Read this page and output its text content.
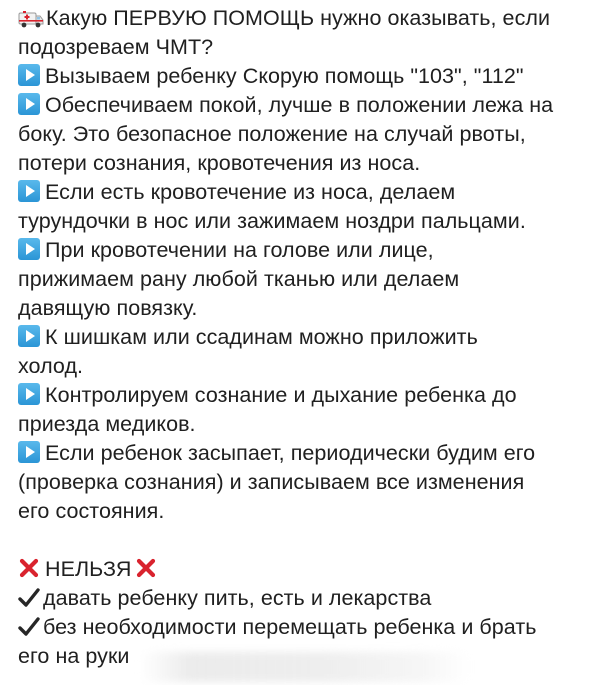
Какую ПЕРВУЮ ПОМОЩЬ нужно оказывать, если
подозреваем ЧМТ?
Вызываем ребенку Скорую помощь "103", "112"
Обеспечиваем покой, лучше в положении лежа на
боку. Это безопасное положение на случай рвоты,
потери сознания, кровотечения из носа.
Если есть кровотечение из носа, делаем
турундочки в нос или зажимаем ноздри пальцами.
При кровотечении на голове или лице,
прижимаем рану любой тканью или делаем
давящую повязку.
К шишкам или ссадинам можно приложить
холод.
Контролируем сознание и дыхание ребенка до
приезда медиков.
Если ребенок засыпает, периодически будим его
(проверка сознания) и записываем все изменения
его состояния.
НЕЛЬЗЯ
давать ребенку пить, есть и лекарства
без необходимости перемещать ребенка и брать
его на руки
